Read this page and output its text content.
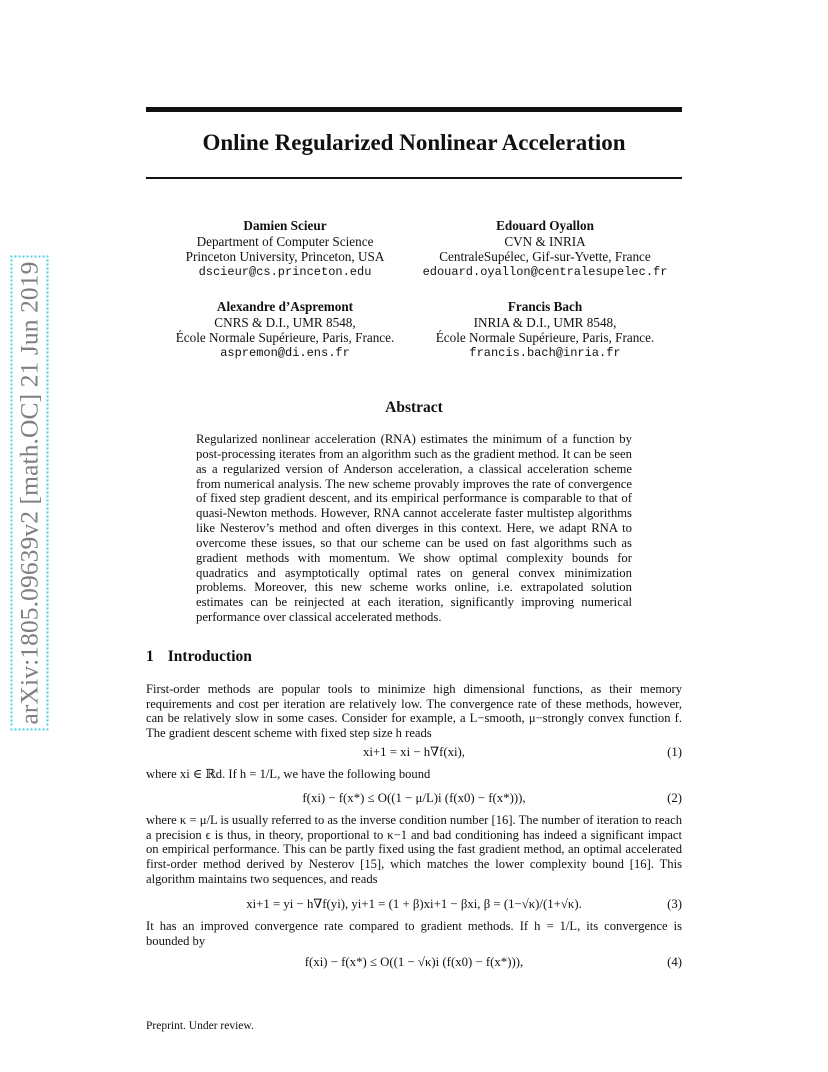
arXiv:1805.09639v2 [math.OC] 21 Jun 2019
Online Regularized Nonlinear Acceleration
Damien Scieur
Department of Computer Science
Princeton University, Princeton, USA
dscieur@cs.princeton.edu
Edouard Oyallon
CVN & INRIA
CentraleSupélec, Gif-sur-Yvette, France
edouard.oyallon@centralesupelec.fr
Alexandre d’Aspremont
CNRS & D.I., UMR 8548,
École Normale Supérieure, Paris, France.
aspremon@di.ens.fr
Francis Bach
INRIA & D.I., UMR 8548,
École Normale Supérieure, Paris, France.
francis.bach@inria.fr
Abstract
Regularized nonlinear acceleration (RNA) estimates the minimum of a function by post-processing iterates from an algorithm such as the gradient method. It can be seen as a regularized version of Anderson acceleration, a classical acceleration scheme from numerical analysis. The new scheme provably improves the rate of convergence of fixed step gradient descent, and its empirical performance is comparable to that of quasi-Newton methods. However, RNA cannot accelerate faster multistep algorithms like Nesterov’s method and often diverges in this context. Here, we adapt RNA to overcome these issues, so that our scheme can be used on fast algorithms such as gradient methods with momentum. We show optimal complexity bounds for quadratics and asymptotically optimal rates on general convex minimization problems. Moreover, this new scheme works online, i.e. extrapolated solution estimates can be reinjected at each iteration, significantly improving numerical performance over classical accelerated methods.
1 Introduction
First-order methods are popular tools to minimize high dimensional functions, as their memory requirements and cost per iteration are relatively low. The convergence rate of these methods, however, can be relatively slow in some cases. Consider for example, a L−smooth, μ−strongly convex function f. The gradient descent scheme with fixed step size h reads
xi+1 = xi − h∇f(xi),	(1)
where xi ∈ ℝd. If h = 1/L, we have the following bound
f(xi) − f(x*) ≤ O((1 − μ/L)i (f(x0) − f(x*))),	(2)
where κ = μ/L is usually referred to as the inverse condition number [16]. The number of iteration to reach a precision ϵ is thus, in theory, proportional to κ−1 and bad conditioning has indeed a significant impact on empirical performance. This can be partly fixed using the fast gradient method, an optimal accelerated first-order method derived by Nesterov [15], which matches the lower complexity bound [16]. This algorithm maintains two sequences, and reads
xi+1 = yi − h∇f(yi), yi+1 = (1 + β)xi+1 − βxi, β = (1−√κ)/(1+√κ).	(3)
It has an improved convergence rate compared to gradient methods. If h = 1/L, its convergence is bounded by
f(xi) − f(x*) ≤ O((1 − √κ)i (f(x0) − f(x*))),	(4)
Preprint. Under review.
